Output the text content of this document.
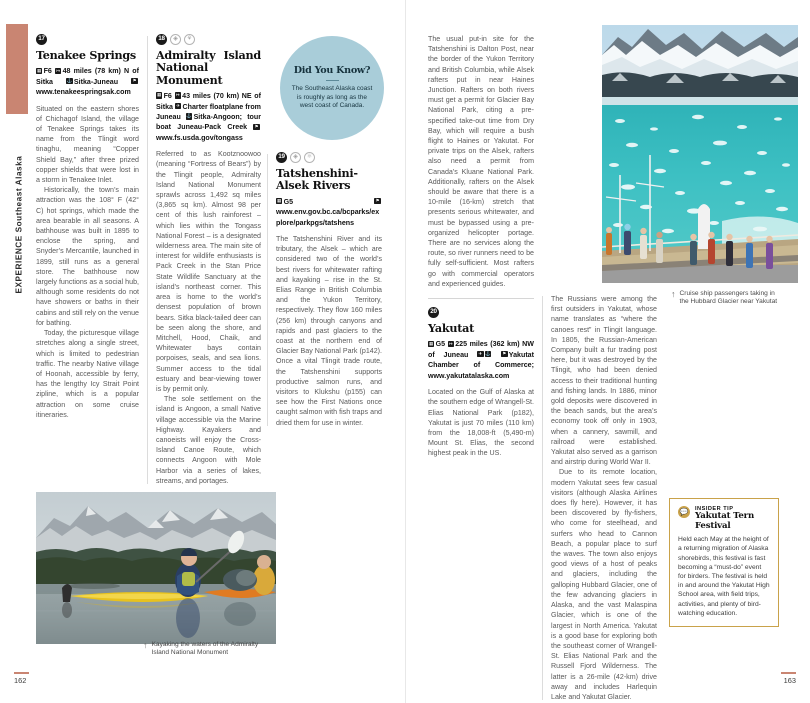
EXPERIENCE Southeast Alaska
17
Tenakee Springs
▦ F6 ↦ 48 miles (78 km) N of Sitka	⚓ Sitka-Juneau	⚑www.tenakeespringsak.com

Situated on the eastern shores of Chichagof Island, the village of Tenakee Springs takes its name from the Tlingit word tinaghu, meaning “Copper Shield Bay,” after three prized copper shields that were lost in a storm in Tenakee Inlet.

Historically, the town’s main attraction was the 108° F (42° C) hot springs, which made the area bearable in all seasons. A bathhouse was built in 1895 to enclose the spring, and Snyder’s Mercantile, launched in 1899, still runs as a general store. The bathhouse now largely functions as a social hub, although some residents do not have showers or baths in their cabins and still rely on the venue for bathing.

Today, the picturesque village stretches along a single street, which is limited to pedestrian traffic. The nearby Native village of Hoonah, accessible by ferry, has the lengthy Icy Strait Point zipline, which is a popular attraction on some cruise itineraries.

18	◈	⚘
Admiralty Island National Monument
▦ F6 ↦ 43 miles (70 km) NE of Sitka ✈ Charter floatplane from Juneau ⚓ Sitka-Angoon; tour boat Juneau-Pack Creek ⚑www.fs.usda.gov/tongass

Referred to as Kootznoowoo (meaning “Fortress of Bears”) by the Tlingit people, Admiralty Island National Monument sprawls across 1,492 sq miles (3,865 sq km). Almost 98 per cent of this lush rainforest – which lies within the Tongass National Forest – is a designated wilderness area. The main site of interest for wildlife enthusiasts is Pack Creek in the Stan Price State Wildlife Sanctuary at the island’s northeast corner. This area is home to the world’s densest population of brown bears. Sitka black-tailed deer can be seen along the shore, and Mitchell, Hood, Chaik, and Whitewater bays contain porpoises, seals, and sea lions. Summer access to the tidal estuary and bear-viewing tower is by permit only.

The sole settlement on the island is Angoon, a small Native village accessible via the Marine Highway. Kayakers and canoeists will enjoy the Cross-Island Canoe Route, which connects Angoon with Mole Harbor via a series of lakes, streams, and portages.

Did You Know?
The Southeast Alaska coast is roughly as long as the west coast of Canada.
19	◈	⚛
Tatshenshini-Alsek Rivers
▦ G5	⚑www.env.gov.bc.ca/bcparks/explore/parkpgs/tatshens

The Tatshenshini River and its tributary, the Alsek – which are considered two of the world’s best rivers for whitewater rafting and kayaking – rise in the St. Elias Range in British Columbia and the Yukon Territory, respectively. They flow 160 miles (256 km) through canyons and rapids and past glaciers to the coast at the northern end of Glacier Bay National Park (p142). Once a vital Tlingit trade route, the Tatshenshini supports productive salmon runs, and visitors to Klukshu (p155) can see how the First Nations once caught salmon with fish traps and dried them for use in winter.

↑ Kayaking the waters of the Admiralty Island National Monument
162

The usual put-in site for the Tatshenshini is Dalton Post, near the border of the Yukon Territory and British Columbia, while Alsek rafters put in near Haines Junction. Rafters on both rivers must get a permit for Glacier Bay National Park, citing a pre-specified take-out time from Dry Bay, which will require a bush flight to Haines or Yakutat. For private trips on the Alsek, rafters also need a permit from Canada’s Kluane National Park. Additionally, rafters on the Alsek should be aware that there is a 10-mile (16-km) stretch that presents serious whitewater, and must be bypassed using a pre-organized helicopter portage. There are no services along the route, so river runners need to be fully self-sufficient. Most rafters go with commercial operators and experienced guides.

20
Yakutat
▦ G5 ↦ 225 miles (362 km) NW of Juneau ✈ ⚓ ⚑ Yakutat Chamber of Commerce; www.yakutatalaska.com

Located on the Gulf of Alaska at the southern edge of Wrangell-St. Elias National Park (p182), Yakutat is just 70 miles (110 km) from the 18,008-ft (5,490-m) Mount St. Elias, the second highest peak in the US.

The Russians were among the first outsiders in Yakutat, whose name translates as “where the canoes rest” in Tlingit language. In 1805, the Russian-American Company built a fur trading post here, but it was destroyed by the Tlingit, who had been denied access to their traditional hunting and fishing lands. In 1886, minor gold deposits were discovered in the beach sands, but the area’s economy took off only in 1903, when a cannery, sawmill, and railroad were established. Yakutat also served as a garrison and airstrip during World War II.

Due to its remote location, modern Yakutat sees few casual visitors (although Alaska Airlines does fly here). However, it has been discovered by fly-fishers, who come for steelhead, and surfers who head to Cannon Beach, a popular place to surf the waves. The town also enjoys good views of a host of peaks and glaciers, including the galloping Hubbard Glacier, one of the few advancing glaciers in Alaska, and the vast Malaspina Glacier, which is one of the largest in North America. Yakutat is a good base for exploring both the southeast corner of Wrangell-St. Elias National Park and the Russell Fjord Wilderness. The latter is a 26-mile (42-km) drive away and includes Harlequin Lake and Yakutat Glacier.

↑ Cruise ship passengers taking in the Hubbard Glacier near Yakutat
💬 INSIDER TIP
Yakutat Tern Festival
Held each May at the height of a returning migration of Alaska shorebirds, this festival is fast becoming a “must-do” event for birders. The festival is held in and around the Yakutat High School area, with field trips, activities, and plenty of bird-watching education.
163
